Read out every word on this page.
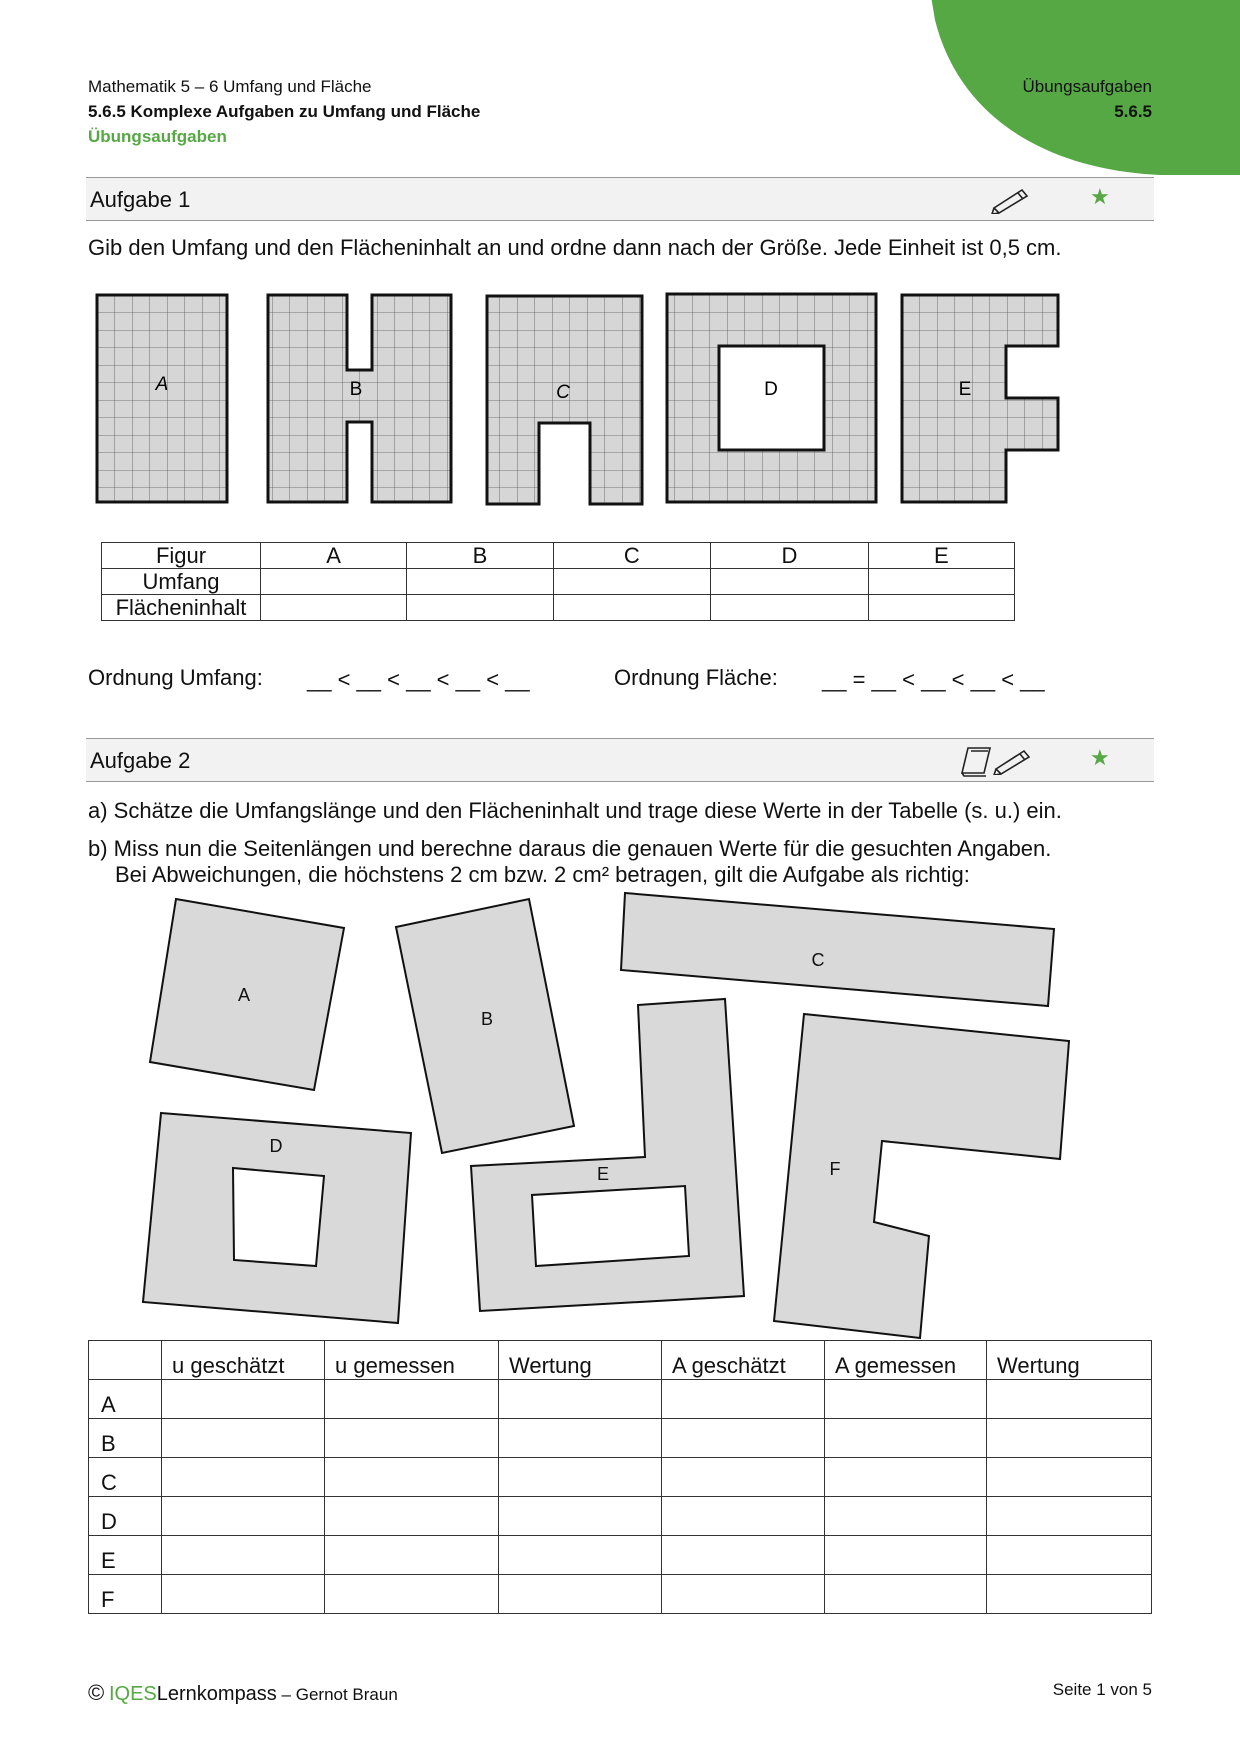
Mathematik 5 – 6 Umfang und Fläche
5.6.5 Komplexe Aufgaben zu Umfang und Fläche
Übungsaufgaben
Übungsaufgaben
5.6.5
Aufgabe 1	★
Gib den Umfang und den Flächeninhalt an und ordne dann nach der Größe. Jede Einheit ist 0,5 cm.
A	B	C	D	E
Figur	A	B	C	D	E
Umfang					
Flächeninhalt					
Ordnung Umfang: __ < __ < __ < __ < __	Ordnung Fläche: __ = __ < __ < __ < __
Aufgabe 2	★
a) Schätze die Umfangslänge und den Flächeninhalt und trage diese Werte in der Tabelle (s. u.) ein.
b) Miss nun die Seitenlängen und berechne daraus die genauen Werte für die gesuchten Angaben.
Bei Abweichungen, die höchstens 2 cm bzw. 2 cm² betragen, gilt die Aufgabe als richtig:
A
B
C
D
E	F
	u geschätzt	u gemessen	Wertung	A geschätzt	A gemessen	Wertung
A						
B						
C						
D						
E						
F						
© IQESLernkompass – Gernot Braun	Seite 1 von 5
